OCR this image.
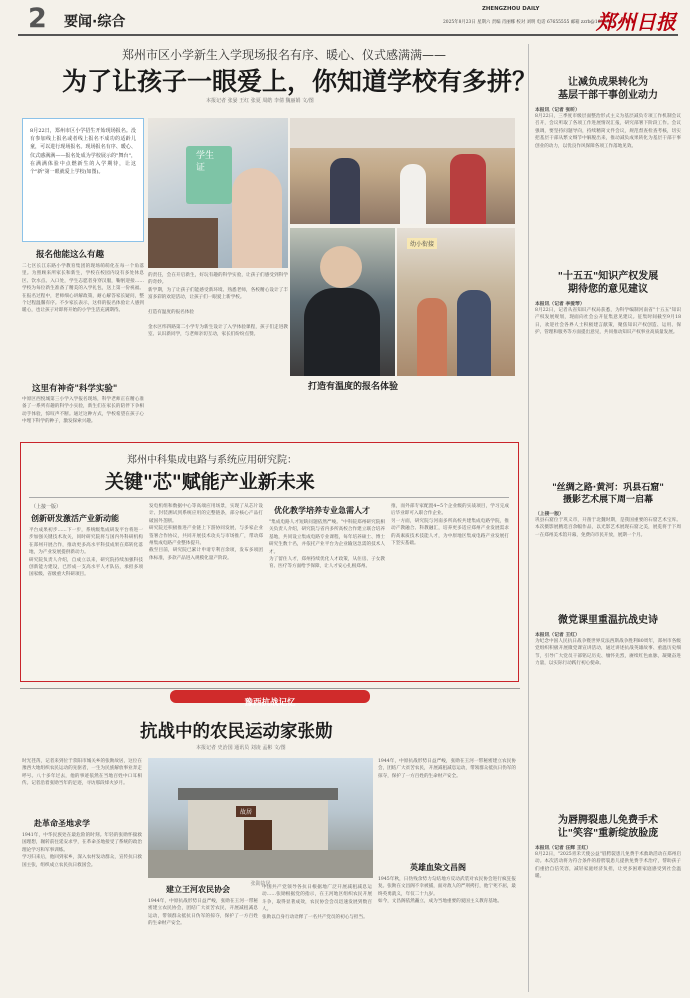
2 要闻·综合
ZHENGZHOU DAILY
2025年8月23日 星期六 责编 肖丽娜 校对 刘明 电话 67655555 邮箱 zzrb@163.com
郑州日报
郑州市区小学新生入学现场报名有序、暖心、仪式感满满——
为了让孩子一眼爱上，你知道学校有多拼？
本报记者 张晏 王红 张夏 周皓 李倩 魏丽娟 文/图
8月22日，郑州市区小学招生开始现场报名。没有参加线上报名或者线上报名不成功的适龄儿童，可以进行现场报名。现场报名有序、暖心、仪式感满满——报名处成为学校展示的"舞台"，在满满体验中点燃新生的入学期待，让这个"新"第一眼就爱上学校(如图)。
报名他能这么有趣
二七区长江东路小学教育集团的现场萌萌化在每一个角落里。为照顾来所家长和新生，学校在校园内设有多处休息区、饮水点。入口处，学生志愿者身穿汉服，鞠躬迎接……学校为每位新生准备了精美的入学礼包，送上第一份祝福。在报名过程中，老师细心讲解政策，耐心解答家长疑问，整个过程温馨有序。不少家长表示，这样的报名体验让人感到暖心，也让孩子对即将开始的小学生活充满期待。
这里有神奇"科学实验"
中原区西悦城第三小学入学报名现场，科学老师正在精心准备了一系列有趣的科学小实验，新生们在家长的陪伴下争相动手体验，惊叹声不断。通过这种方式，学校希望在孩子心中埋下科学的种子，激发探索兴趣。
学生证
的责任，会在开启新生，好玩有趣的科学实验，让孩子们感受到科学的奇妙。
新学期，为了让孩子们能感受新环境、熟悉老师，各校精心设计了丰富多彩的欢迎活动，让孩子们一眼爱上新学校。

打造有温度的报名体验

金水区纬四路第二小学专为新生设计了入学体验课程，孩子们走进教室、认识新同学，与老师亲切互动，家长们纷纷点赞。
幼小衔接
打造有温度的报名体验
郑州中科集成电路与系统应用研究院：
关键"芯"赋能产业新未来
（上接一版）
创新研发激活产业新动能
平台成果初步……下一步，系统级集成研发平台将进一步加强关键技术攻关，同时研究院将与国内外科研机构在郑州开展合作，推动更多高水平科技成果在郑转化落地，为产业发展提供新动力。
研究院负责人介绍，自成立以来，研究院持续加强科技创新能力建设，已形成一支高水平人才队伍，承担多项国家级、省级重大科研项目。
发电机组和数据中心等高端应用场景，实现了从芯片设计、封装测试到系统应用的完整链条，部分核心产品打破国外垄断。
研究院还积极推进产业链上下游协同发展，与多家企业签署合作协议，共同开展技术攻关与市场推广，带动郑州集成电路产业整体提升。
截至目前，研究院已累计申请专利百余项，发布多项团体标准，多款产品进入规模化量产阶段。
优化教学培养专业急需人才
"集成电路人才短缺问题依然严峻。"中科院郑州研究院相关负责人介绍，研究院与省内多所高校合作建立联合培养基地，共同设立集成电路专业课程，每年培养硕士、博士研究生数十名，并依托产业平台为企业输送急需的技术人才。
为了留住人才，郑州持续优化人才政策，从住房、子女教育、医疗等方面给予保障，让人才安心扎根郑州。
推，而外部专家配置4~5个企业级的实战项目，学习完成后毕业即可入职合作企业。
另一方面，研究院与河南多所高校共建集成电路学院，推动产教融合、科教融汇，培养更多适应郑州产业发展需求的高素质技术技能人才，为中原地区集成电路产业发展打下坚实基础。
豫西抗战记忆
抗战中的农民运动家张勋
本报记者 史治国 通讯员 刘凌 孟彬 文/图
时光荏苒，记者来到位于荥阳市城关乡的张勋故居，这位在豫西大地组织农民运动的先驱者，一生为民族解放事业奔走呼号。八十多年过去，他的事迹依然在当地百姓中口耳相传。记者沿着张勋当年的足迹，寻访那段烽火岁月。
赴革命圣地求学
1941年，中华民族处在最危险的时刻。年轻的张勋怀揣救国理想，辗转前往延安求学，在革命圣地接受了系统的政治理论学习和军事训练。
学习归来后，他回到家乡，深入农村发动群众，宣传抗日救国主张，组织成立农民抗日救国会。
故居
张勋故居
建立王河农民协会
1944年，中原抗战形势日益严峻，张勋在王河一带秘密建立农民协会，团结广大贫苦农民，开展减租减息运动，带领群众抵抗日伪军的掠夺，保护了一方百姓的生命财产安全。
中国共产党领导各抗日根据地广泛开展减租减息运动……张勋根据党的指示，在王河地区组织农民开展斗争，取得显著成效，农民协会会员迅速发展到数百人。
张勋以自身行动诠释了一名共产党员的初心与担当。
1944年，中原抗战形势日益严峻，张勋在王河一带秘密建立农民协会，团结广大贫苦农民，开展减租减息运动，带领群众抵抗日伪军的掠夺，保护了一方百姓的生命财产安全。
英雄血染文昌阁
1945年秋，日伪残余势力勾结地方反动武装对农民协会进行疯狂报复。张勋在文昌阁不幸被捕，面对敌人的严刑拷打，他宁死不屈，最终英勇就义，年仅二十九岁。
如今，文昌阁依然矗立，成为当地重要的爱国主义教育基地。
让减负成果转化为
基层干部干事创业动力
本报讯（记者 张昕）
8月22日，三季度市级层面整治形式主义为基层减负专项工作机制会议召开，会议听取了各项工作进展情况汇报，研究部署下阶段工作。会议强调，要坚持问题导向，持续精简文件会议，规范督查检查考核，切实把基层干部从繁文缛节中解脱出来，推动减负成果转化为基层干部干事创业的动力，以优良作风保障各项工作落地见效。
"十五五"知识产权发展
期待您的意见建议
本报讯（记者 李爱琴）
8月22日，记者从省知识产权局获悉，为科学编制河南省"十五五"知识产权发展规划，现面向社会公开征集意见建议。征集时间截至9月18日，欢迎社会各界人士积极建言献策，聚焦知识产权创造、运用、保护、管理和服务等方面提出意见，共同推动知识产权事业高质量发展。
"丝绸之路·黄河：巩县石窟"
摄影艺术展下周一启幕
（上接一版）
巩县石窟位于巩义市，开凿于北魏时期，是我国重要的石窟艺术宝库。本次摄影展精选百余幅作品，以光影艺术展现石窟之美，展览将于下周一在郑州美术馆开幕，免费向市民开放，展期一个月。
微党课里重温抗战史诗
本报讯（记者 王红）
为纪念中国人民抗日战争暨世界反法西斯战争胜利80周年，郑州市各级党组织积极开展微党课宣讲活动，通过讲述抗战英雄故事、重温历史细节，引导广大党员干部铭记历史、缅怀先烈，赓续红色血脉，凝聚奋进力量，以实际行动践行初心使命。
为唇腭裂患儿免费手术
让"笑容"重新绽放脸庞
本报讯（记者 汪辉 王红）
8月22日，"2025青禾天使公益"唇腭裂患儿免费手术救助活动在郑州启动。本次活动将为符合条件的唇腭裂患儿提供免费手术治疗，帮助孩子们重拾自信笑容，减轻家庭经济负担，让更多困难家庭感受到社会温暖。
